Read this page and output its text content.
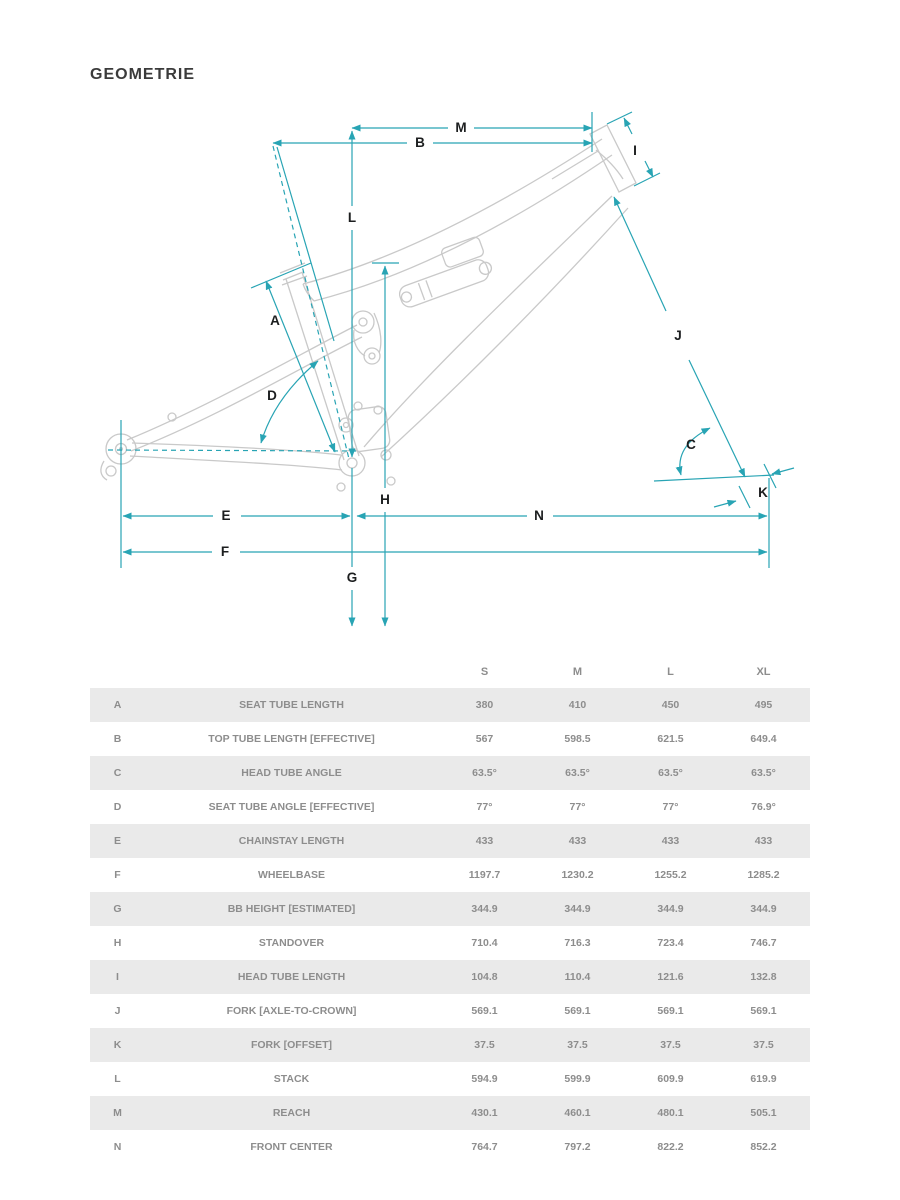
GEOMETRIE
M
B
L
G
H
E	N
F
A
D
J
C
K
I
		S	M	L	XL
A	SEAT TUBE LENGTH	380	410	450	495
B	TOP TUBE LENGTH [EFFECTIVE]	567	598.5	621.5	649.4
C	HEAD TUBE ANGLE	63.5°	63.5°	63.5°	63.5°
D	SEAT TUBE ANGLE [EFFECTIVE]	77°	77°	77°	76.9°
E	CHAINSTAY LENGTH	433	433	433	433
F	WHEELBASE	1197.7	1230.2	1255.2	1285.2
G	BB HEIGHT [ESTIMATED]	344.9	344.9	344.9	344.9
H	STANDOVER	710.4	716.3	723.4	746.7
I	HEAD TUBE LENGTH	104.8	110.4	121.6	132.8
J	FORK [AXLE-TO-CROWN]	569.1	569.1	569.1	569.1
K	FORK [OFFSET]	37.5	37.5	37.5	37.5
L	STACK	594.9	599.9	609.9	619.9
M	REACH	430.1	460.1	480.1	505.1
N	FRONT CENTER	764.7	797.2	822.2	852.2
